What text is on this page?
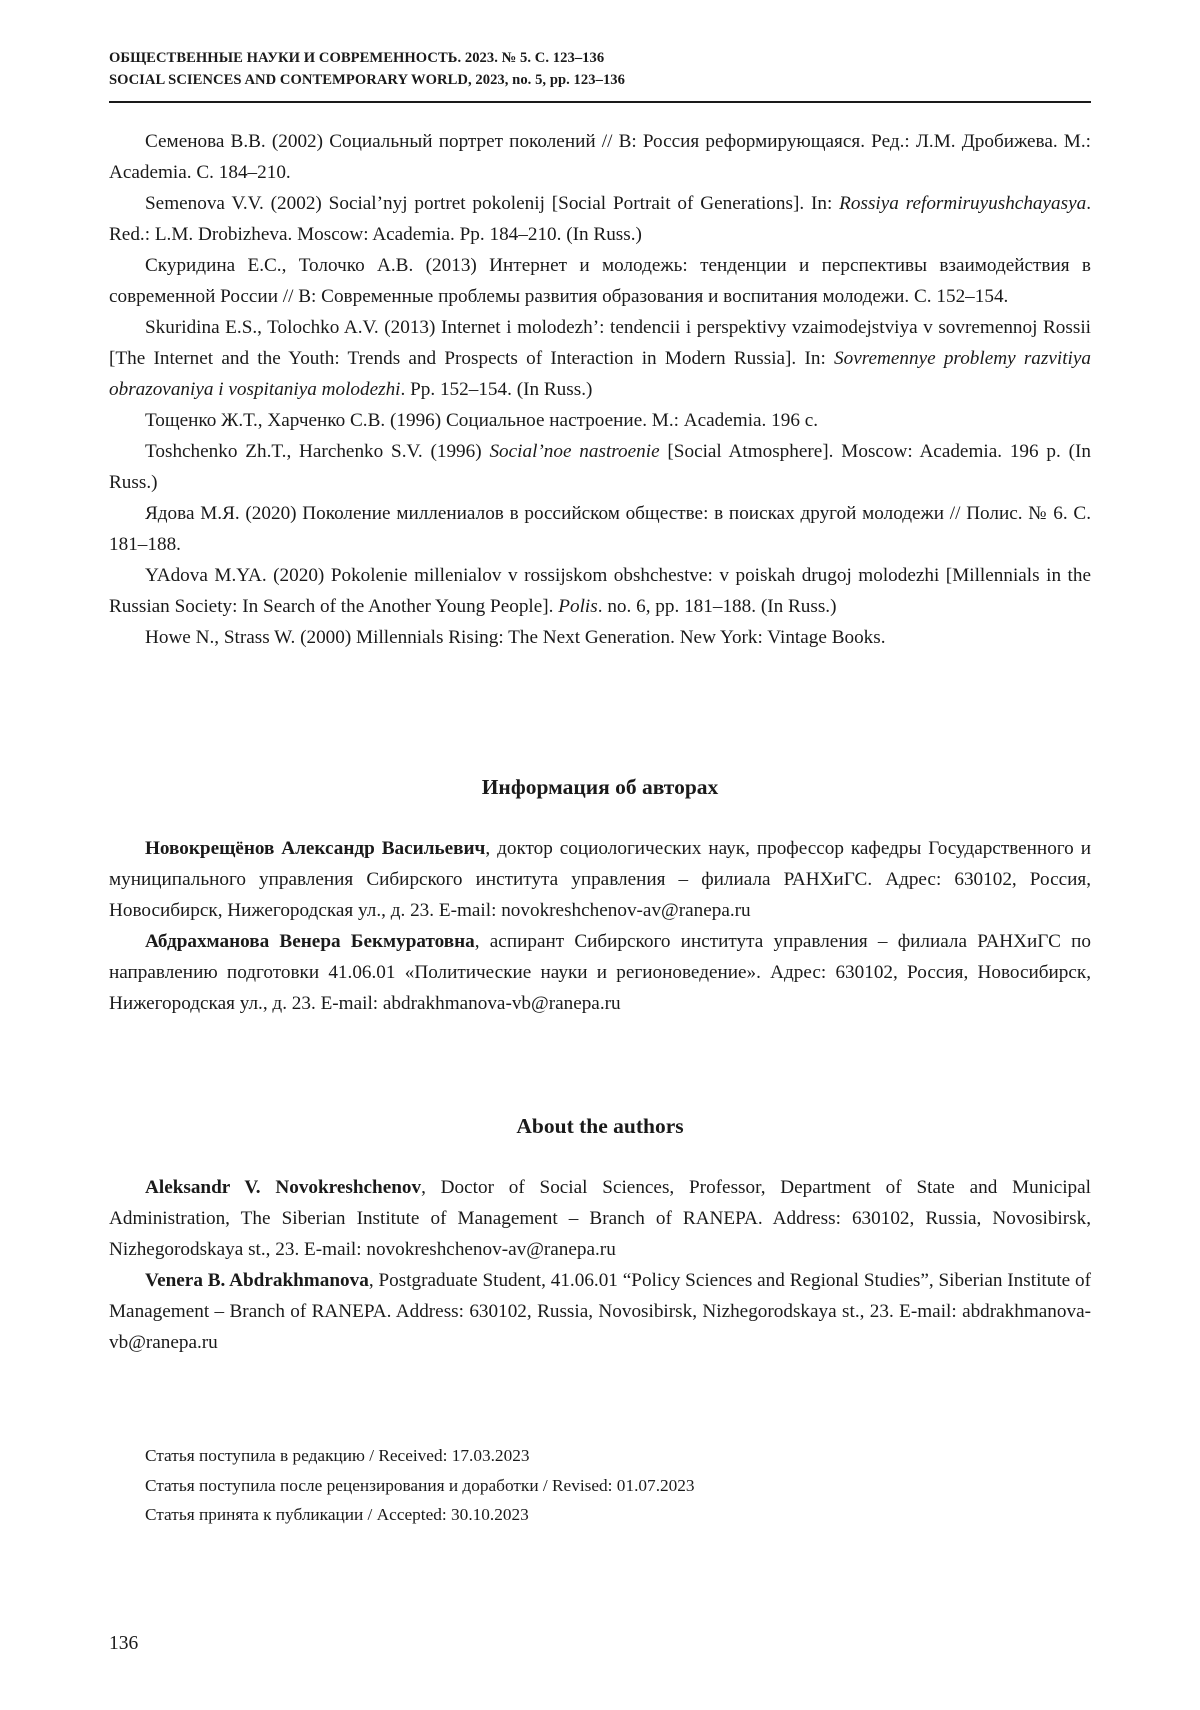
ОБЩЕСТВЕННЫЕ НАУКИ И СОВРЕМЕННОСТЬ. 2023. № 5. С. 123–136
SOCIAL SCIENCES AND CONTEMPORARY WORLD, 2023, no. 5, pp. 123–136

Семенова В.В. (2002) Социальный портрет поколений // В: Россия реформирующаяся. Ред.: Л.М. Дробижева. М.: Academia. С. 184–210.

Semenova V.V. (2002) Social’nyj portret pokolenij [Social Portrait of Generations]. In: Rossiya reformiruyushchayasya. Red.: L.M. Drobizheva. Moscow: Academia. Pp. 184–210. (In Russ.)

Скуридина Е.С., Толочко А.В. (2013) Интернет и молодежь: тенденции и перспективы взаимодействия в современной России // В: Современные проблемы развития образования и воспитания молодежи. С. 152–154.

Skuridina E.S., Tolochko A.V. (2013) Internet i molodezh’: tendencii i perspektivy vzaimodejstviya v sovremennoj Rossii [The Internet and the Youth: Trends and Prospects of Interaction in Modern Russia]. In: Sovremennye problemy razvitiya obrazovaniya i vospitaniya molodezhi. Pp. 152–154. (In Russ.)

Тощенко Ж.Т., Харченко С.В. (1996) Социальное настроение. М.: Academia. 196 с.

Toshchenko Zh.T., Harchenko S.V. (1996) Social’noe nastroenie [Social Atmosphere]. Moscow: Academia. 196 p. (In Russ.)

Ядова М.Я. (2020) Поколение миллениалов в российском обществе: в поисках другой молодежи // Полис. № 6. С. 181–188.

YAdova M.YA. (2020) Pokolenie millenialov v rossijskom obshchestve: v poiskah drugoj molodezhi [Millennials in the Russian Society: In Search of the Another Young People]. Polis. no. 6, pp. 181–188. (In Russ.)

Howe N., Strass W. (2000) Millennials Rising: The Next Generation. New York: Vintage Books.

Информация об авторах

Новокрещёнов Александр Васильевич, доктор социологических наук, профессор кафедры Государственного и муниципального управления Сибирского института управления – филиала РАНХиГС. Адрес: 630102, Россия, Новосибирск, Нижегородская ул., д. 23. E-mail: novokreshchenov-av@ranepa.ru

Абдрахманова Венера Бекмуратовна, аспирант Сибирского института управления – филиала РАНХиГС по направлению подготовки 41.06.01 «Политические науки и регионоведение». Адрес: 630102, Россия, Новосибирск, Нижегородская ул., д. 23. E-mail: abdrakhmanova-vb@ranepa.ru

About the authors

Aleksandr V. Novokreshchenov, Doctor of Social Sciences, Professor, Department of State and Municipal Administration, The Siberian Institute of Management – Branch of RANEPA. Address: 630102, Russia, Novosibirsk, Nizhegorodskaya st., 23. E-mail: novokreshchenov-av@ranepa.ru

Venera B. Abdrakhmanova, Postgraduate Student, 41.06.01 “Policy Sciences and Regional Studies”, Siberian Institute of Management – Branch of RANEPA. Address: 630102, Russia, Novosibirsk, Nizhegorodskaya st., 23. E-mail: abdrakhmanova-vb@ranepa.ru

Статья поступила в редакцию / Received: 17.03.2023
Статья поступила после рецензирования и доработки / Revised: 01.07.2023
Статья принята к публикации / Accepted: 30.10.2023
136
